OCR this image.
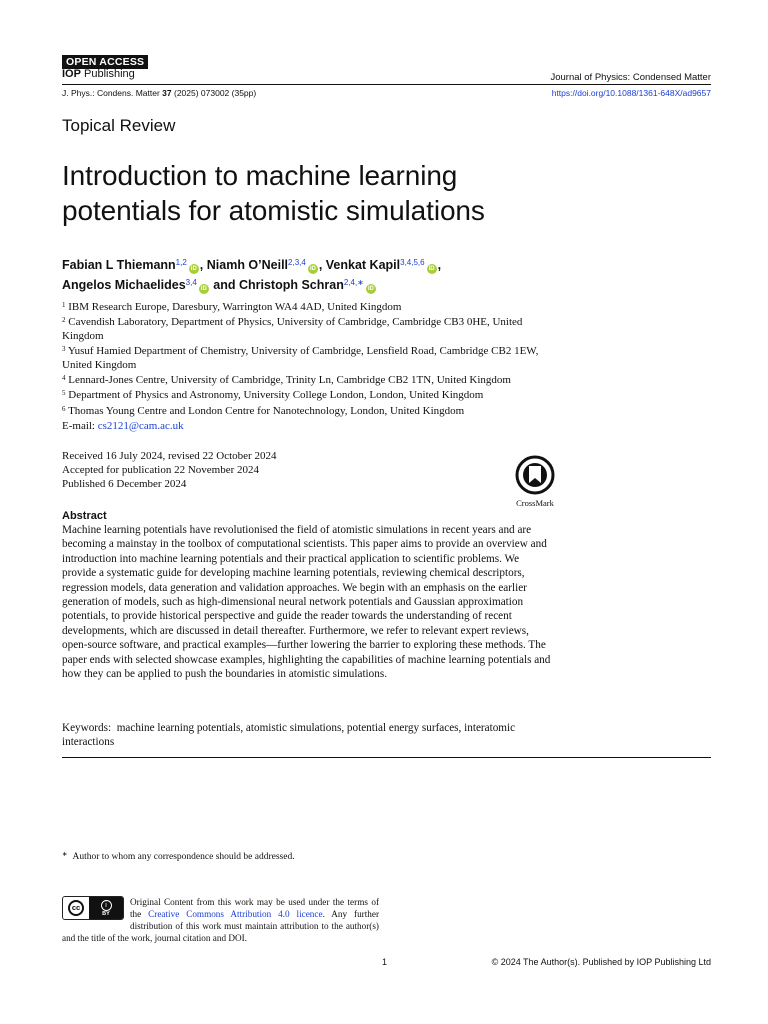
OPEN ACCESS
IOP Publishing	Journal of Physics: Condensed Matter
J. Phys.: Condens. Matter 37 (2025) 073002 (35pp)	https://doi.org/10.1088/1361-648X/ad9657
Topical Review
Introduction to machine learning
potentials for atomistic simulations
Fabian L Thiemann$^{1,2}$iD , Niamh O’Neill$^{2,3,4}$iD , Venkat Kapil$^{3,4,5,6}$iD ,
Angelos Michaelides$^{3,4}$iD and Christoph Schran$^{2,4,∗}$iD
$^1$ IBM Research Europe, Daresbury, Warrington WA4 4AD, United Kingdom
$^2$ Cavendish Laboratory, Department of Physics, University of Cambridge, Cambridge CB3 0HE, United Kingdom
$^3$ Yusuf Hamied Department of Chemistry, University of Cambridge, Lensfield Road, Cambridge CB2 1EW, United Kingdom
$^4$ Lennard-Jones Centre, University of Cambridge, Trinity Ln, Cambridge CB2 1TN, United Kingdom
$^5$ Department of Physics and Astronomy, University College London, London, United Kingdom
$^6$ Thomas Young Centre and London Centre for Nanotechnology, London, United Kingdom
E-mail: cs2121@cam.ac.uk
Received 16 July 2024, revised 22 October 2024
Accepted for publication 22 November 2024
Published 6 December 2024
CrossMark
Abstract
Machine learning potentials have revolutionised the field of atomistic simulations in recent years and are becoming a mainstay in the toolbox of computational scientists. This paper aims to provide an overview and introduction into machine learning potentials and their practical application to scientific problems. We provide a systematic guide for developing machine learning potentials, reviewing chemical descriptors, regression models, data generation and validation approaches. We begin with an emphasis on the earlier generation of models, such as high-dimensional neural network potentials and Gaussian approximation potentials, to provide historical perspective and guide the reader towards the understanding of recent developments, which are discussed in detail thereafter. Furthermore, we refer to relevant expert reviews, open-source software, and practical examples—further lowering the barrier to exploring these methods. The paper ends with selected showcase examples, highlighting the capabilities of machine learning potentials and how they can be applied to push the boundaries in atomistic simulations.
Keywords:  machine learning potentials, atomistic simulations, potential energy surfaces, interatomic interactions
∗ Author to whom any correspondence should be addressed.
cc	i
BY
Original Content from this work may be used under the terms of the Creative Commons Attribution 4.0 licence. Any further distribution of this work must maintain attribution to the author(s) and the title of the work, journal citation and DOI.
1	© 2024 The Author(s). Published by IOP Publishing Ltd
